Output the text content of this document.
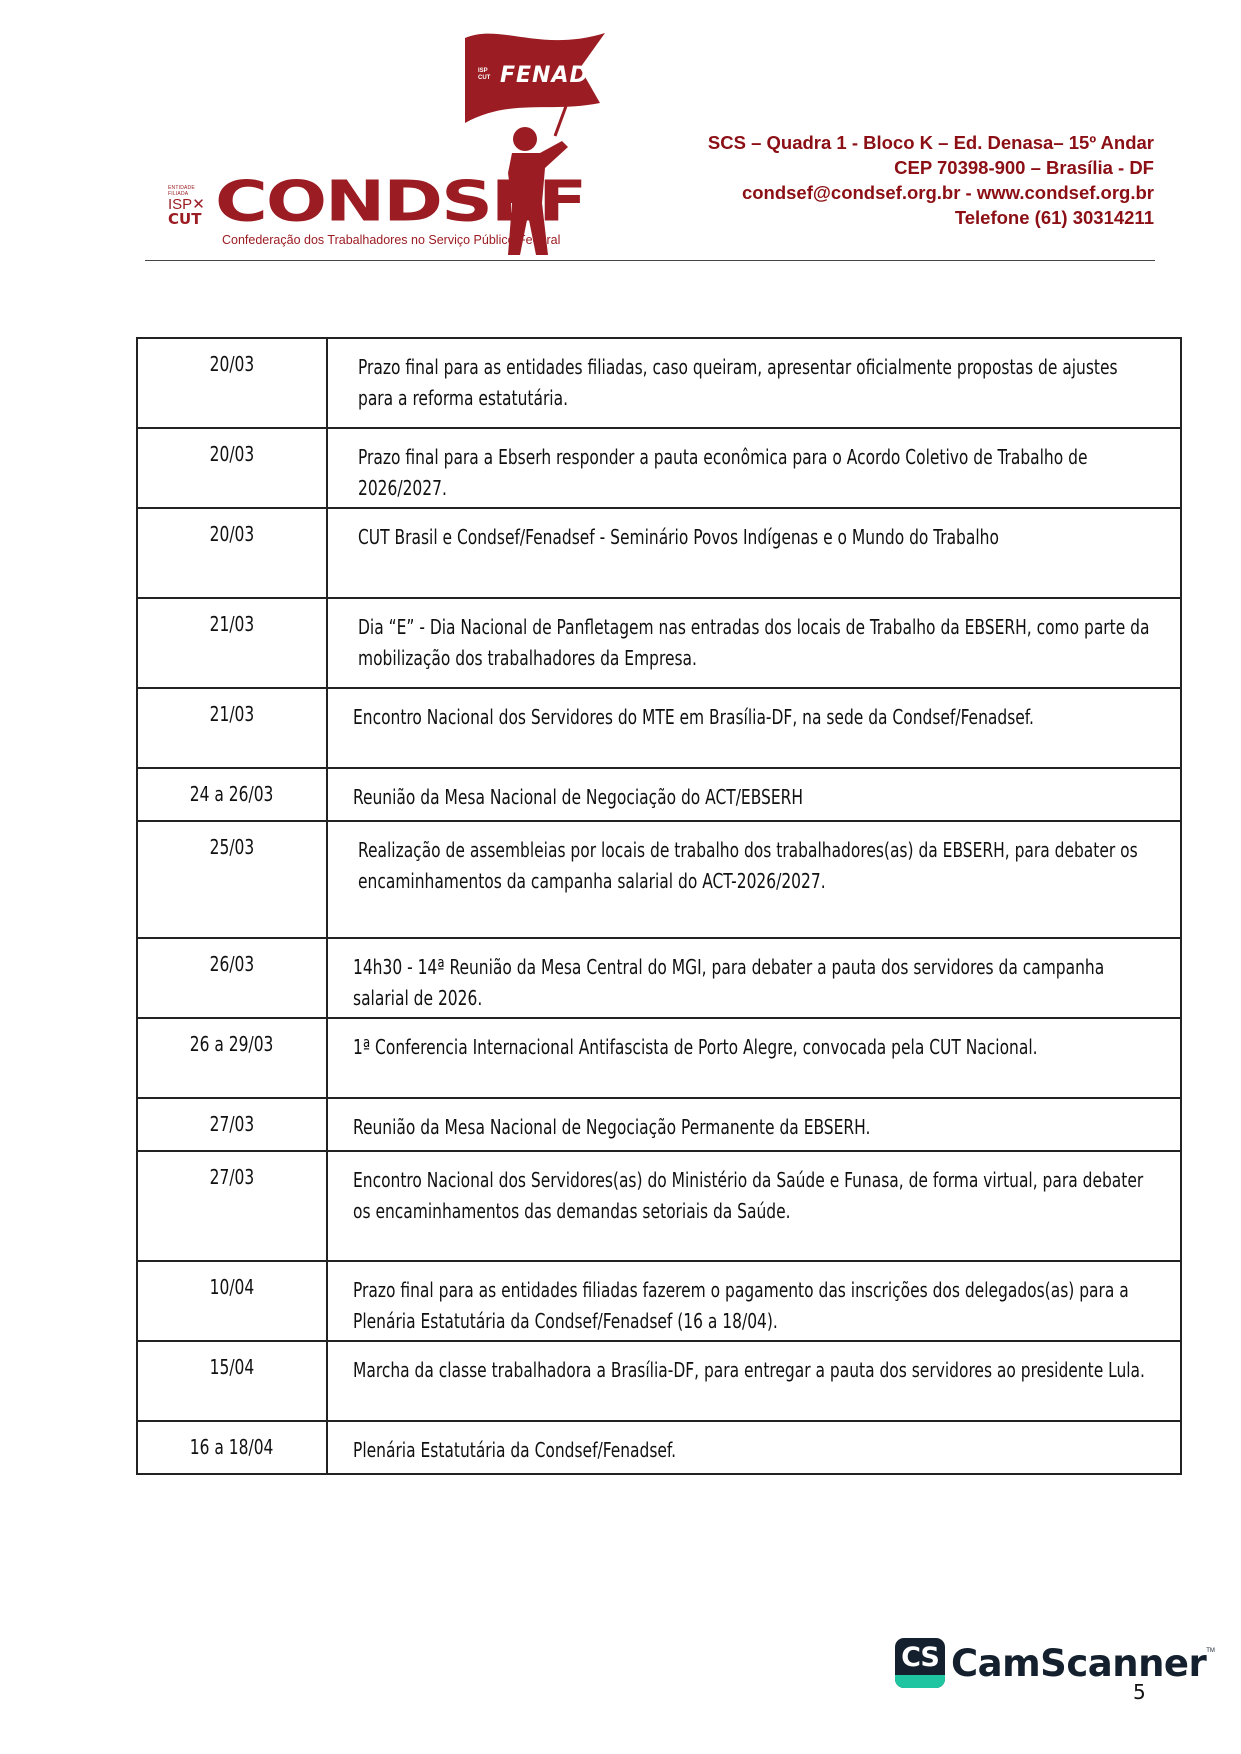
ISP CUT FENADSEF
ENTIDADE FILIADA
ISP✕
CUT CONDSEF
Confederação dos Trabalhadores no Serviço Público Federal
SCS – Quadra 1 - Bloco K – Ed. Denasa– 15º Andar
CEP 70398-900 – Brasília - DF
condsef@condsef.org.br - www.condsef.org.br
Telefone (61) 30314211
20/03	Prazo final para as entidades filiadas, caso queiram, apresentar oficialmente propostas de ajustes para a reforma estatutária.
20/03	Prazo final para a Ebserh responder a pauta econômica para o Acordo Coletivo de Trabalho de 2026/2027.
20/03	CUT Brasil e Condsef/Fenadsef - Seminário Povos Indígenas e o Mundo do Trabalho
21/03	Dia “E” - Dia Nacional de Panfletagem nas entradas dos locais de Trabalho da EBSERH, como parte da mobilização dos trabalhadores da Empresa.
21/03	Encontro Nacional dos Servidores do MTE em Brasília-DF, na sede da Condsef/Fenadsef.
24 a 26/03	Reunião da Mesa Nacional de Negociação do ACT/EBSERH
25/03	Realização de assembleias por locais de trabalho dos trabalhadores(as) da EBSERH, para debater os encaminhamentos da campanha salarial do ACT-2026/2027.
26/03	14h30 - 14ª Reunião da Mesa Central do MGI, para debater a pauta dos servidores da campanha salarial de 2026.
26 a 29/03	1ª Conferencia Internacional Antifascista de Porto Alegre, convocada pela CUT Nacional.
27/03	Reunião da Mesa Nacional de Negociação Permanente da EBSERH.
27/03	Encontro Nacional dos Servidores(as) do Ministério da Saúde e Funasa, de forma virtual, para debater os encaminhamentos das demandas setoriais da Saúde.
10/04	Prazo final para as entidades filiadas fazerem o pagamento das inscrições dos delegados(as) para a Plenária Estatutária da Condsef/Fenadsef (16 a 18/04).
15/04	Marcha da classe trabalhadora a Brasília-DF, para entregar a pauta dos servidores ao presidente Lula.
16 a 18/04	Plenária Estatutária da Condsef/Fenadsef.
CS CamScanner TM
5
